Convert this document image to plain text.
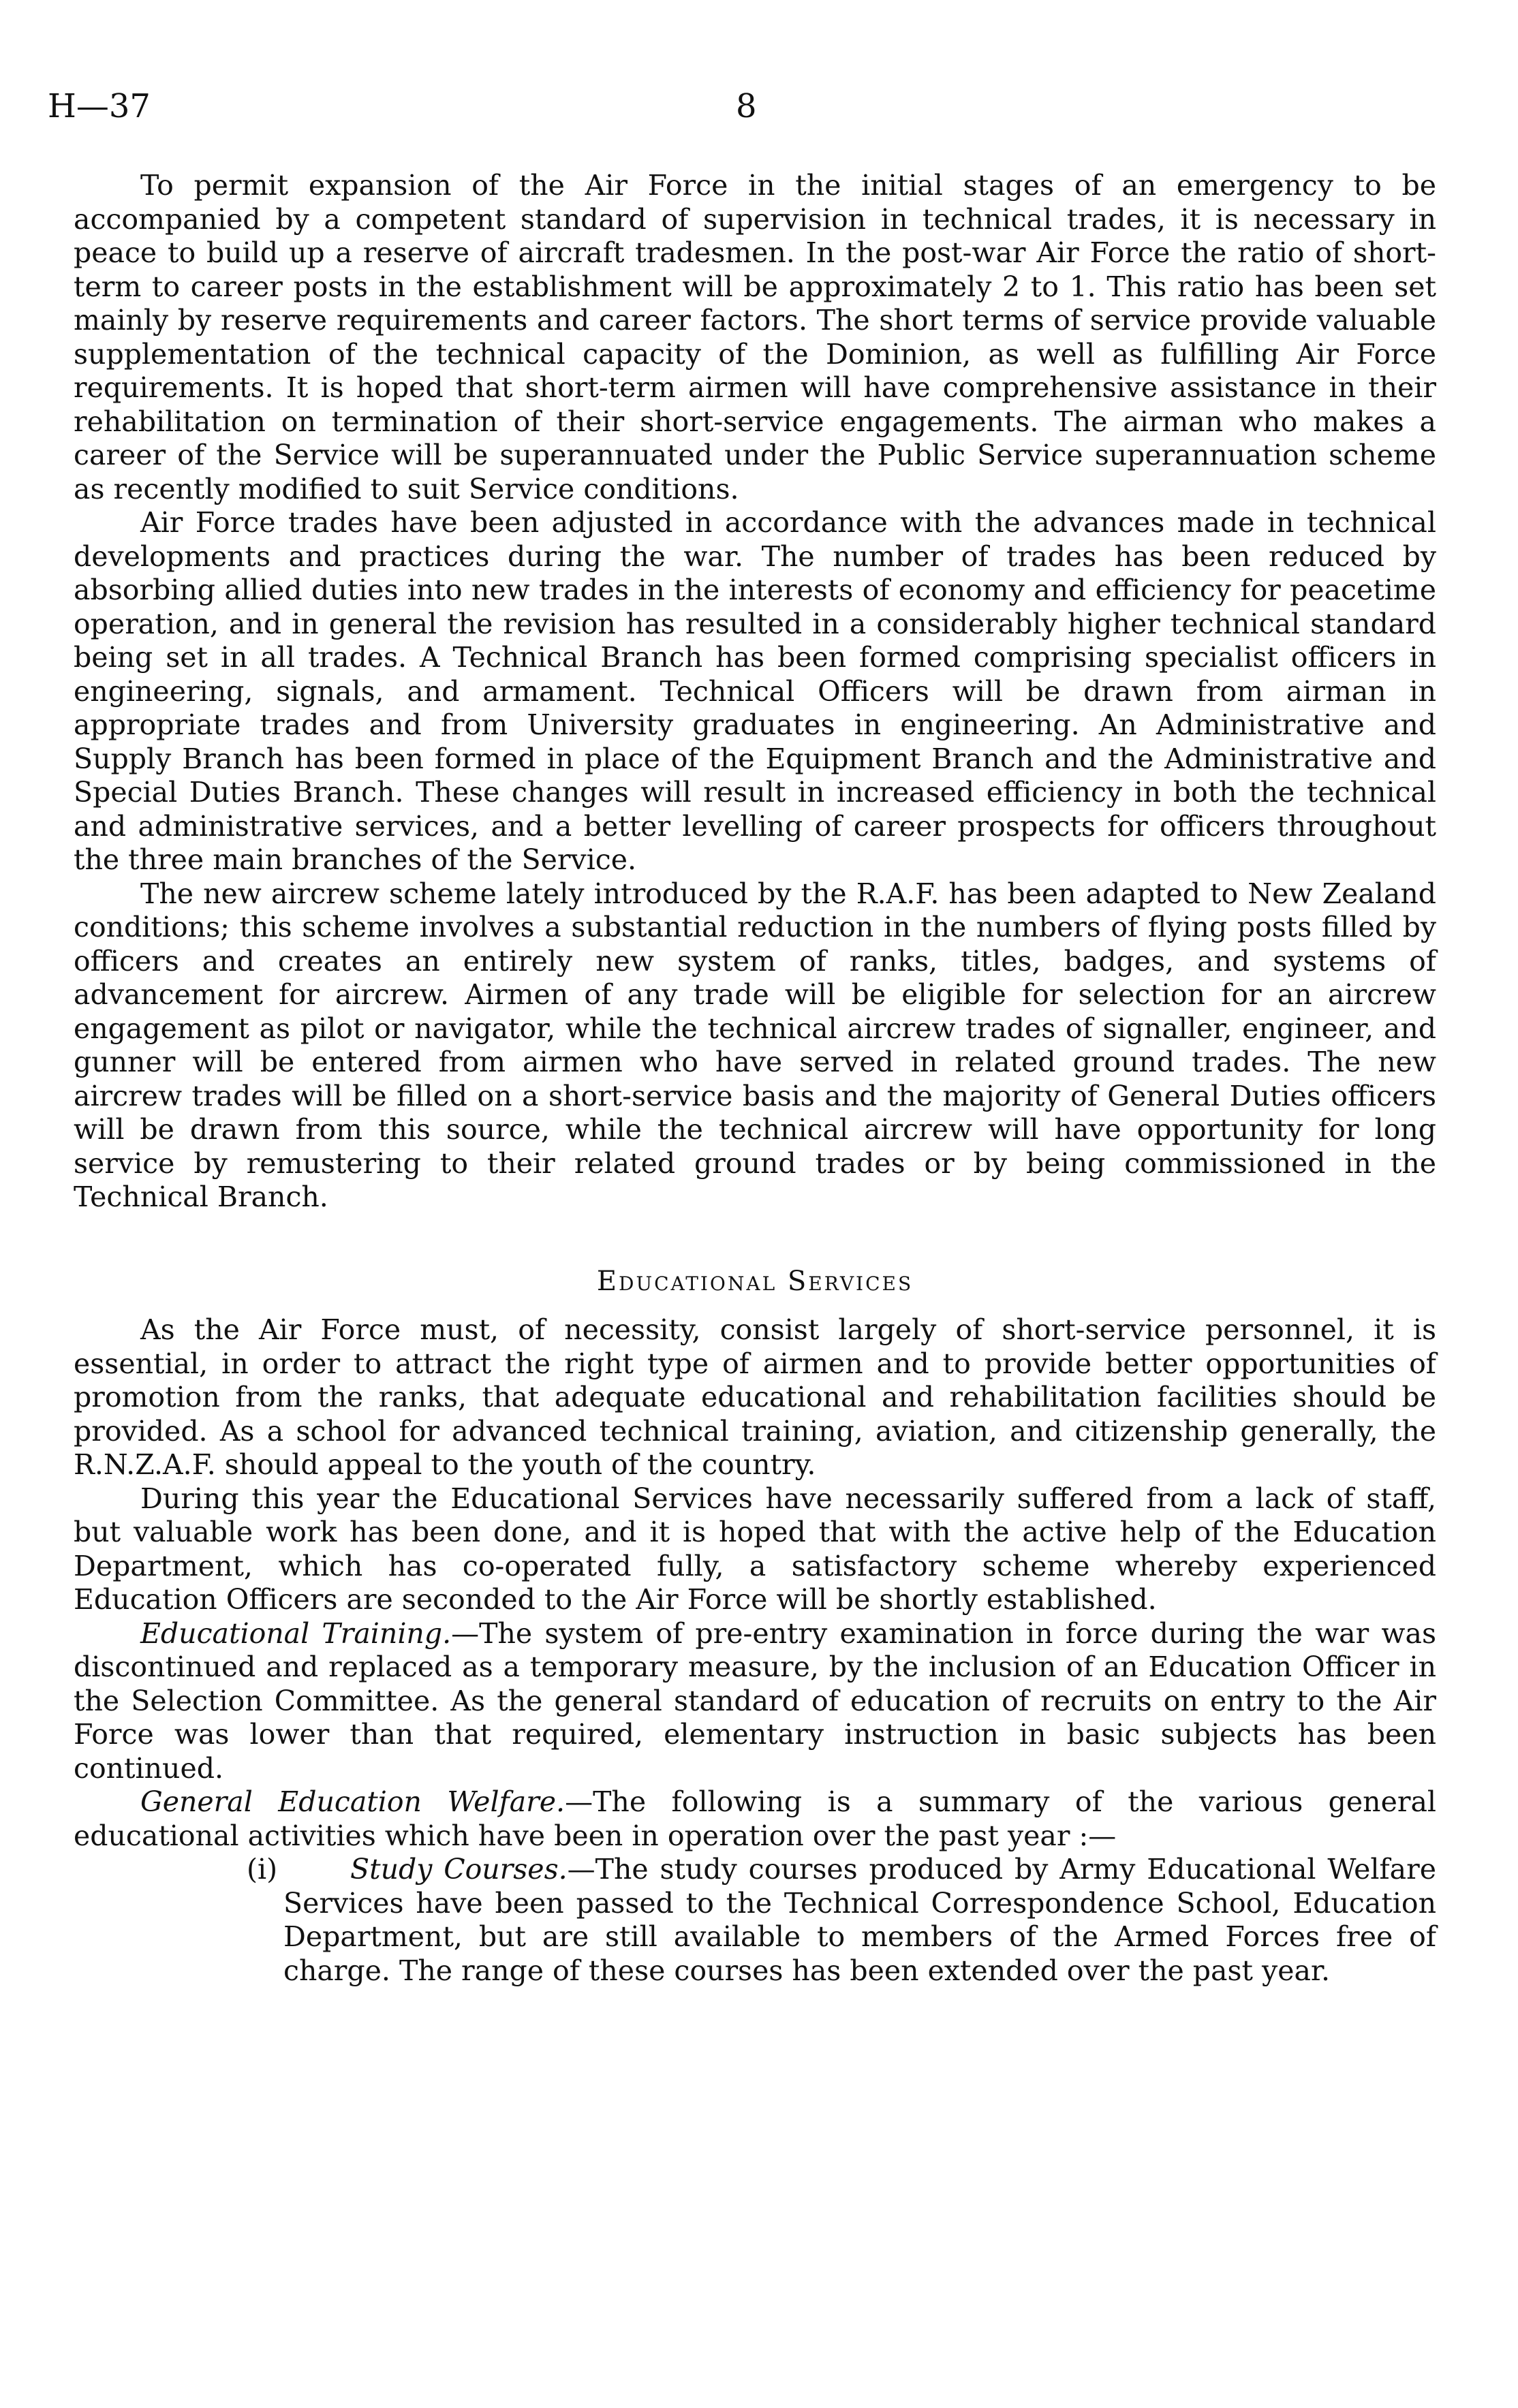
H—37	8

To permit expansion of the Air Force in the initial stages of an emergency to be accompanied by a competent standard of supervision in technical trades, it is necessary in peace to build up a reserve of aircraft tradesmen. In the post-war Air Force the ratio of short-term to career posts in the establishment will be approximately 2 to 1. This ratio has been set mainly by reserve requirements and career factors. The short terms of service provide valuable supplementation of the technical capacity of the Dominion, as well as fulfilling Air Force requirements. It is hoped that short-term airmen will have comprehensive assistance in their rehabilitation on termination of their short-service engagements. The airman who makes a career of the Service will be superannuated under the Public Service superannuation scheme as recently modified to suit Service conditions.

Air Force trades have been adjusted in accordance with the advances made in technical developments and practices during the war. The number of trades has been reduced by absorbing allied duties into new trades in the interests of economy and efficiency for peacetime operation, and in general the revision has resulted in a considerably higher technical standard being set in all trades. A Technical Branch has been formed comprising specialist officers in engineering, signals, and armament. Technical Officers will be drawn from airman in appropriate trades and from University graduates in engineering. An Administrative and Supply Branch has been formed in place of the Equipment Branch and the Administrative and Special Duties Branch. These changes will result in increased efficiency in both the technical and administrative services, and a better levelling of career prospects for officers throughout the three main branches of the Service.

The new aircrew scheme lately introduced by the R.A.F. has been adapted to New Zealand conditions; this scheme involves a substantial reduction in the numbers of flying posts filled by officers and creates an entirely new system of ranks, titles, badges, and systems of advancement for aircrew. Airmen of any trade will be eligible for selection for an aircrew engagement as pilot or navigator, while the technical aircrew trades of signaller, engineer, and gunner will be entered from airmen who have served in related ground trades. The new aircrew trades will be filled on a short-service basis and the majority of General Duties officers will be drawn from this source, while the technical aircrew will have opportunity for long service by remustering to their related ground trades or by being commissioned in the Technical Branch.

Educational Services

As the Air Force must, of necessity, consist largely of short-service personnel, it is essential, in order to attract the right type of airmen and to provide better opportunities of promotion from the ranks, that adequate educational and rehabilitation facilities should be provided. As a school for advanced technical training, aviation, and citizenship generally, the R.N.Z.A.F. should appeal to the youth of the country.

During this year the Educational Services have necessarily suffered from a lack of staff, but valuable work has been done, and it is hoped that with the active help of the Education Department, which has co-operated fully, a satisfactory scheme whereby experienced Education Officers are seconded to the Air Force will be shortly established.

Educational Training.—The system of pre-entry examination in force during the war was discontinued and replaced as a temporary measure, by the inclusion of an Education Officer in the Selection Committee. As the general standard of education of recruits on entry to the Air Force was lower than that required, elementary instruction in basic subjects has been continued.

General Education Welfare.—The following is a summary of the various general educational activities which have been in operation over the past year :—

(i)	Study Courses.—The study courses produced by Army Educational Welfare Services have been passed to the Technical Correspondence School, Education Department, but are still available to members of the Armed Forces free of charge. The range of these courses has been extended over the past year.
